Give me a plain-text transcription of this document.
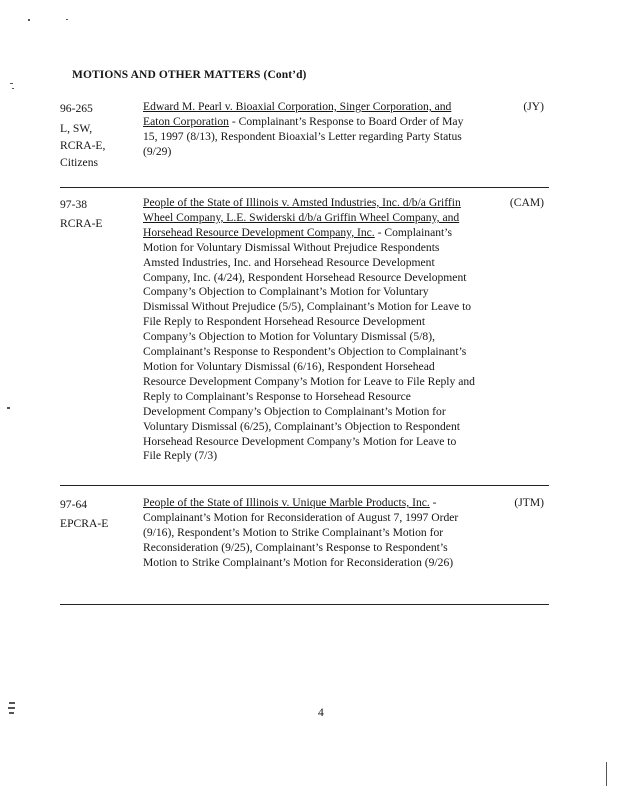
MOTIONS AND OTHER MATTERS (Cont’d)
96-265
L, SW,
RCRA-E,
Citizens
Edward M. Pearl v. Bioaxial Corporation, Singer Corporation, and Eaton Corporation - Complainant’s Response to Board Order of May 15, 1997 (8/13), Respondent Bioaxial’s Letter regarding Party Status (9/29)
(JY)
97-38
RCRA-E
People of the State of Illinois v. Amsted Industries, Inc. d/b/a Griffin Wheel Company, L.E. Swiderski d/b/a Griffin Wheel Company, and Horsehead Resource Development Company, Inc. - Complainant’s Motion for Voluntary Dismissal Without Prejudice Respondents Amsted Industries, Inc. and Horsehead Resource Development Company, Inc. (4/24), Respondent Horsehead Resource Development Company’s Objection to Complainant’s Motion for Voluntary Dismissal Without Prejudice (5/5), Complainant’s Motion for Leave to File Reply to Respondent Horsehead Resource Development Company’s Objection to Motion for Voluntary Dismissal (5/8), Complainant’s Response to Respondent’s Objection to Complainant’s Motion for Voluntary Dismissal (6/16), Respondent Horsehead Resource Development Company’s Motion for Leave to File Reply and Reply to Complainant’s Response to Horsehead Resource Development Company’s Objection to Complainant’s Motion for Voluntary Dismissal (6/25), Complainant’s Objection to Respondent Horsehead Resource Development Company’s Motion for Leave to File Reply (7/3)
(CAM)
97-64
EPCRA-E
People of the State of Illinois v. Unique Marble Products, Inc. - Complainant’s Motion for Reconsideration of August 7, 1997 Order (9/16), Respondent’s Motion to Strike Complainant’s Motion for Reconsideration (9/25), Complainant’s Response to Respondent’s Motion to Strike Complainant’s Motion for Reconsideration (9/26)
(JTM)
4
